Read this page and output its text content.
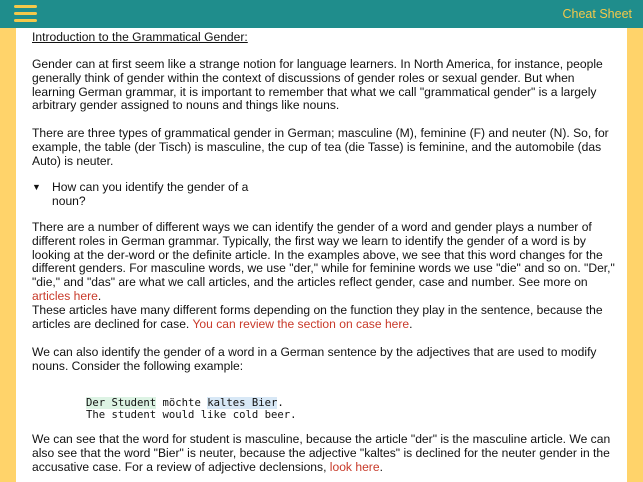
Cheat Sheet
Introduction to the Grammatical Gender:

Gender can at first seem like a strange notion for language learners. In North America, for instance, people generally think of gender within the context of discussions of gender roles or sexual gender. But when learning German grammar, it is important to remember that what we call "grammatical gender" is a largely arbitrary gender assigned to nouns and things like nouns.

There are three types of grammatical gender in German; masculine (M), feminine (F) and neuter (N). So, for example, the table (der Tisch) is masculine, the cup of tea (die Tasse) is feminine, and the automobile (das Auto) is neuter.

▼ How can you identify the gender of a noun?

There are a number of different ways we can identify the gender of a word and gender plays a number of different roles in German grammar. Typically, the first way we learn to identify the gender of a word is by looking at the der-word or the definite article. In the examples above, we see that this word changes for the different genders. For masculine words, we use "der," while for feminine words we use "die" and so on. "Der," "die," and "das" are what we call articles, and the articles reflect gender, case and number. See more on articles here.

These articles have many different forms depending on the function they play in the sentence, because the articles are declined for case. You can review the section on case here.

We can also identify the gender of a word in a German sentence by the adjectives that are used to modify nouns. Consider the following example:

Der Student möchte kaltes Bier.
The student would like cold beer.

We can see that the word for student is masculine, because the article "der" is the masculine article. We can also see that the word "Bier" is neuter, because the adjective "kaltes" is declined for the neuter gender in the accusative case. For a review of adjective declensions, look here.
